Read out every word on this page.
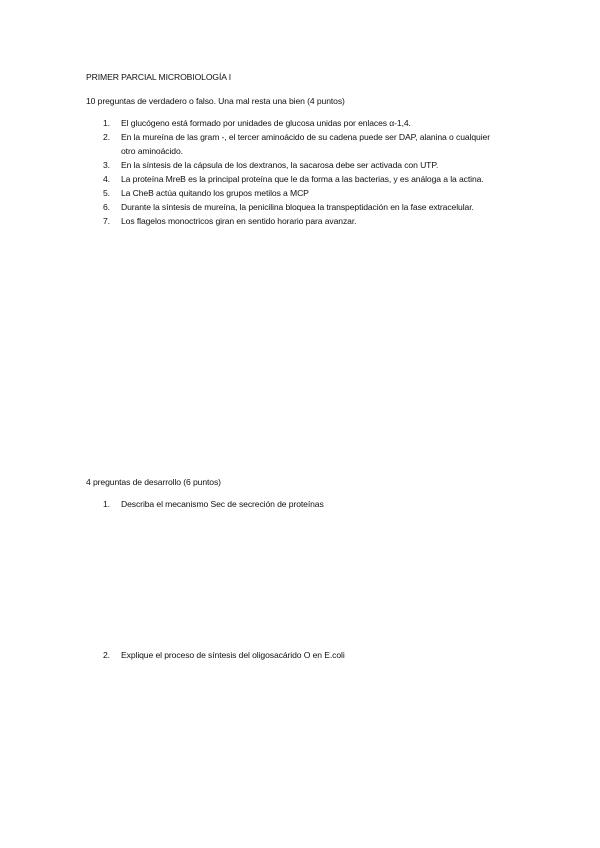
PRIMER PARCIAL MICROBIOLOGÍA I
10 preguntas de verdadero o falso. Una mal resta una bien (4 puntos)
1. El glucógeno está formado por unidades de glucosa unidas por enlaces α-1,4.
2. En la mureína de las gram -, el tercer aminoácido de su cadena puede ser DAP, alanina o cualquier otro aminoácido.
3. En la síntesis de la cápsula de los dextranos, la sacarosa debe ser activada con UTP.
4. La proteína MreB es la principal proteína que le da forma a las bacterias, y es análoga a la actina.
5. La CheB actúa quitando los grupos metilos a MCP
6. Durante la síntesis de mureína, la penicilina bloquea la transpeptidación en la fase extracelular.
7. Los flagelos monoctricos giran en sentido horario para avanzar.
4 preguntas de desarrollo (6 puntos)
1. Describa el mecanismo Sec de secreción de proteínas
2. Explique el proceso de síntesis del oligosacárido O en E.coli
